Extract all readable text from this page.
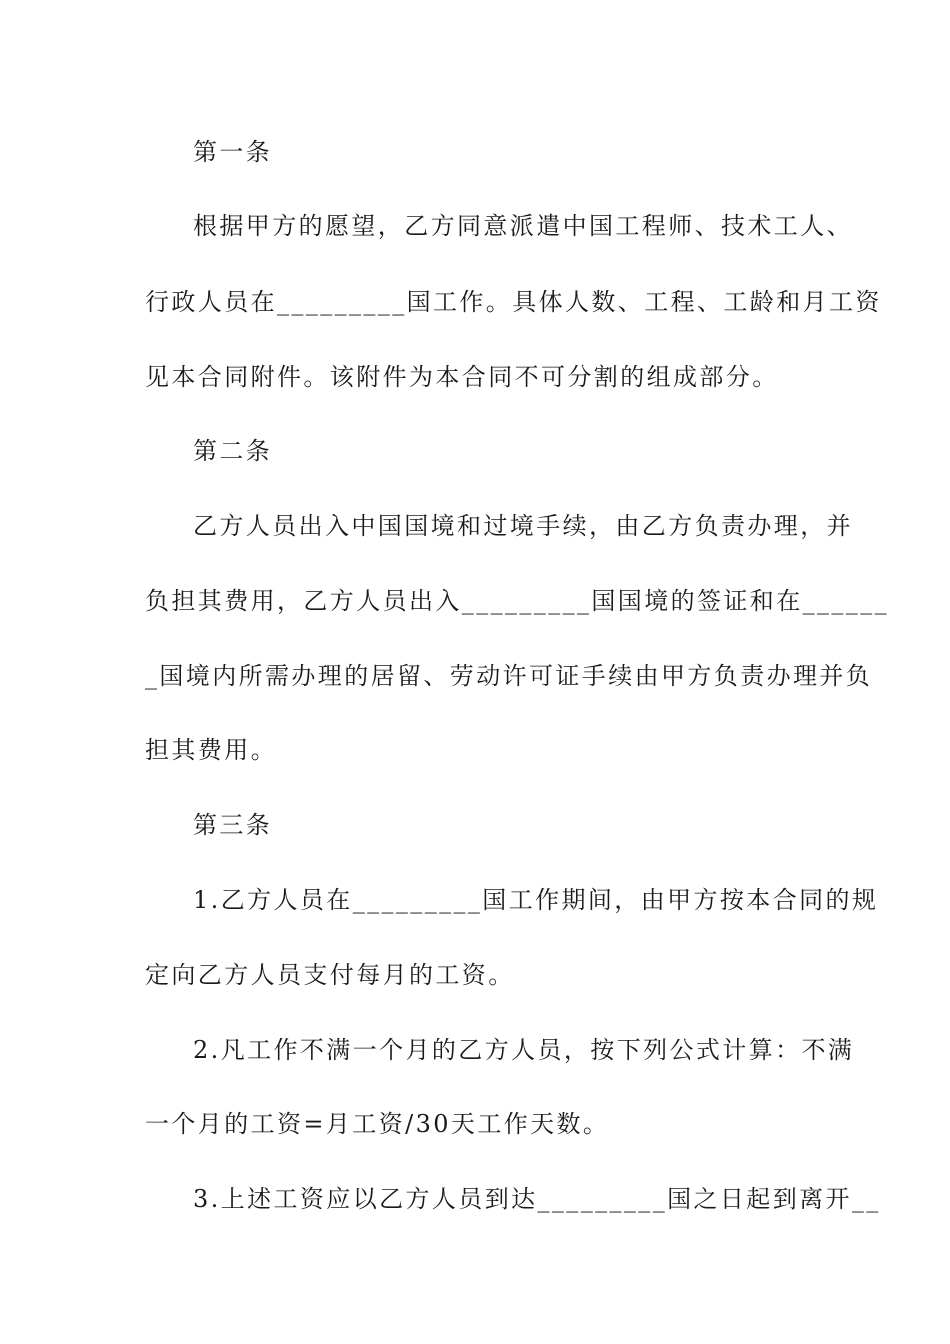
第一条
根据甲方的愿望，乙方同意派遣中国工程师、技术工人、
行政人员在_________国工作。具体人数、工程、工龄和月工资
见本合同附件。该附件为本合同不可分割的组成部分。
第二条
乙方人员出入中国国境和过境手续，由乙方负责办理，并
负担其费用，乙方人员出入_________国国境的签证和在______
_国境内所需办理的居留、劳动许可证手续由甲方负责办理并负
担其费用。
第三条
1.乙方人员在_________国工作期间，由甲方按本合同的规
定向乙方人员支付每月的工资。
2.凡工作不满一个月的乙方人员，按下列公式计算：不满
一个月的工资=月工资/30天工作天数。
3.上述工资应以乙方人员到达_________国之日起到离开__
